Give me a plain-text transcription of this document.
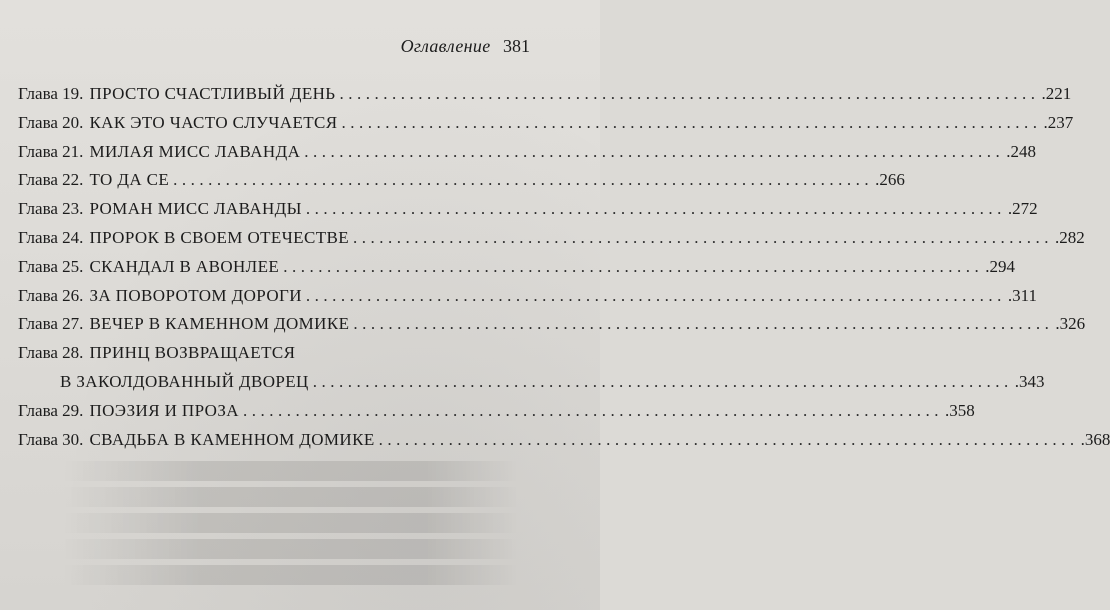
Оглавление 381
Глава 19. ПРОСТО СЧАСТЛИВЫЙ ДЕНЬ ................................................................................ .221
Глава 20. КАК ЭТО ЧАСТО СЛУЧАЕТСЯ ................................................................................ .237
Глава 21. МИЛАЯ МИСС ЛАВАНДА ................................................................................ .248
Глава 22. ТО ДА СЕ ................................................................................ .266
Глава 23. РОМАН МИСС ЛАВАНДЫ ................................................................................ .272
Глава 24. ПРОРОК В СВОЕМ ОТЕЧЕСТВЕ ................................................................................ .282
Глава 25. СКАНДАЛ В АВОНЛЕЕ ................................................................................ .294
Глава 26. ЗА ПОВОРОТОМ ДОРОГИ ................................................................................ .311
Глава 27. ВЕЧЕР В КАМЕННОМ ДОМИКЕ ................................................................................ .326
Глава 28. ПРИНЦ ВОЗВРАЩАЕТСЯ
В ЗАКОЛДОВАННЫЙ ДВОРЕЦ ................................................................................ .343
Глава 29. ПОЭЗИЯ И ПРОЗА ................................................................................ .358
Глава 30. СВАДЬБА В КАМЕННОМ ДОМИКЕ ................................................................................ .368
